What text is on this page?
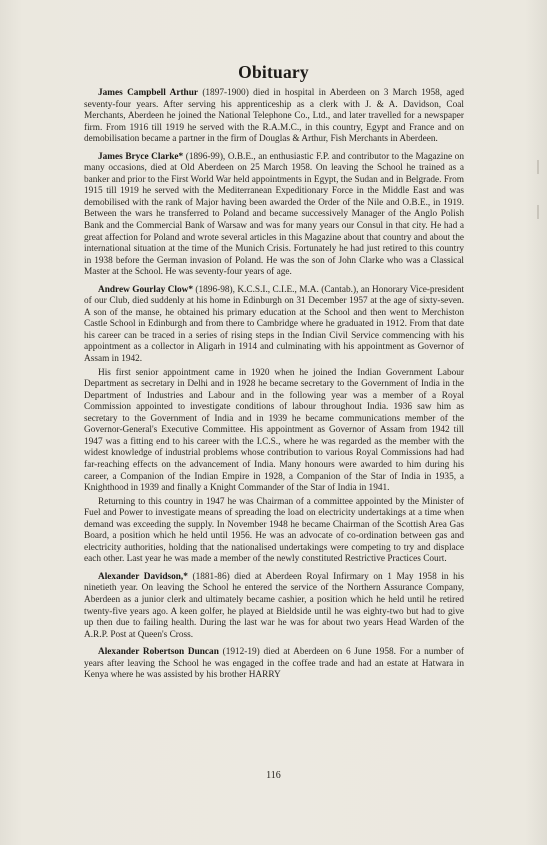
Obituary

James Campbell Arthur (1897-1900) died in hospital in Aberdeen on 3 March 1958, aged seventy-four years. After serving his apprenticeship as a clerk with J. & A. Davidson, Coal Merchants, Aberdeen he joined the National Telephone Co., Ltd., and later travelled for a newspaper firm. From 1916 till 1919 he served with the R.A.M.C., in this country, Egypt and France and on demobilisation became a partner in the firm of Douglas & Arthur, Fish Merchants in Aberdeen.

James Bryce Clarke* (1896-99), O.B.E., an enthusiastic F.P. and contributor to the Magazine on many occasions, died at Old Aberdeen on 25 March 1958. On leaving the School he trained as a banker and prior to the First World War held appointments in Egypt, the Sudan and in Belgrade. From 1915 till 1919 he served with the Mediterranean Expeditionary Force in the Middle East and was demobilised with the rank of Major having been awarded the Order of the Nile and O.B.E., in 1919. Between the wars he transferred to Poland and became successively Manager of the Anglo Polish Bank and the Commercial Bank of Warsaw and was for many years our Consul in that city. He had a great affection for Poland and wrote several articles in this Magazine about that country and about the international situation at the time of the Munich Crisis. Fortunately he had just retired to this country in 1938 before the German invasion of Poland. He was the son of John Clarke who was a Classical Master at the School. He was seventy-four years of age.

Andrew Gourlay Clow* (1896-98), K.C.S.I., C.I.E., M.A. (Cantab.), an Honorary Vice-president of our Club, died suddenly at his home in Edinburgh on 31 December 1957 at the age of sixty-seven. A son of the manse, he obtained his primary education at the School and then went to Merchiston Castle School in Edinburgh and from there to Cambridge where he graduated in 1912. From that date his career can be traced in a series of rising steps in the Indian Civil Service commencing with his appointment as a collector in Aligarh in 1914 and culminating with his appointment as Governor of Assam in 1942.

His first senior appointment came in 1920 when he joined the Indian Government Labour Department as secretary in Delhi and in 1928 he became secretary to the Government of India in the Department of Industries and Labour and in the following year was a member of a Royal Commission appointed to investigate conditions of labour throughout India. 1936 saw him as secretary to the Government of India and in 1939 he became communications member of the Governor-General's Executive Committee. His appointment as Governor of Assam from 1942 till 1947 was a fitting end to his career with the I.C.S., where he was regarded as the member with the widest knowledge of industrial problems whose contribution to various Royal Commissions had had far-reaching effects on the advancement of India. Many honours were awarded to him during his career, a Companion of the Indian Empire in 1928, a Companion of the Star of India in 1935, a Knighthood in 1939 and finally a Knight Commander of the Star of India in 1941.

Returning to this country in 1947 he was Chairman of a committee appointed by the Minister of Fuel and Power to investigate means of spreading the load on electricity undertakings at a time when demand was exceeding the supply. In November 1948 he became Chairman of the Scottish Area Gas Board, a position which he held until 1956. He was an advocate of co-ordination between gas and electricity authorities, holding that the nationalised undertakings were competing to try and displace each other. Last year he was made a member of the newly constituted Restrictive Practices Court.

Alexander Davidson,* (1881-86) died at Aberdeen Royal Infirmary on 1 May 1958 in his ninetieth year. On leaving the School he entered the service of the Northern Assurance Company, Aberdeen as a junior clerk and ultimately became cashier, a position which he held until he retired twenty-five years ago. A keen golfer, he played at Bieldside until he was eighty-two but had to give up then due to failing health. During the last war he was for about two years Head Warden of the A.R.P. Post at Queen's Cross.

Alexander Robertson Duncan (1912-19) died at Aberdeen on 6 June 1958. For a number of years after leaving the School he was engaged in the coffee trade and had an estate at Hatwara in Kenya where he was assisted by his brother HARRY

116
